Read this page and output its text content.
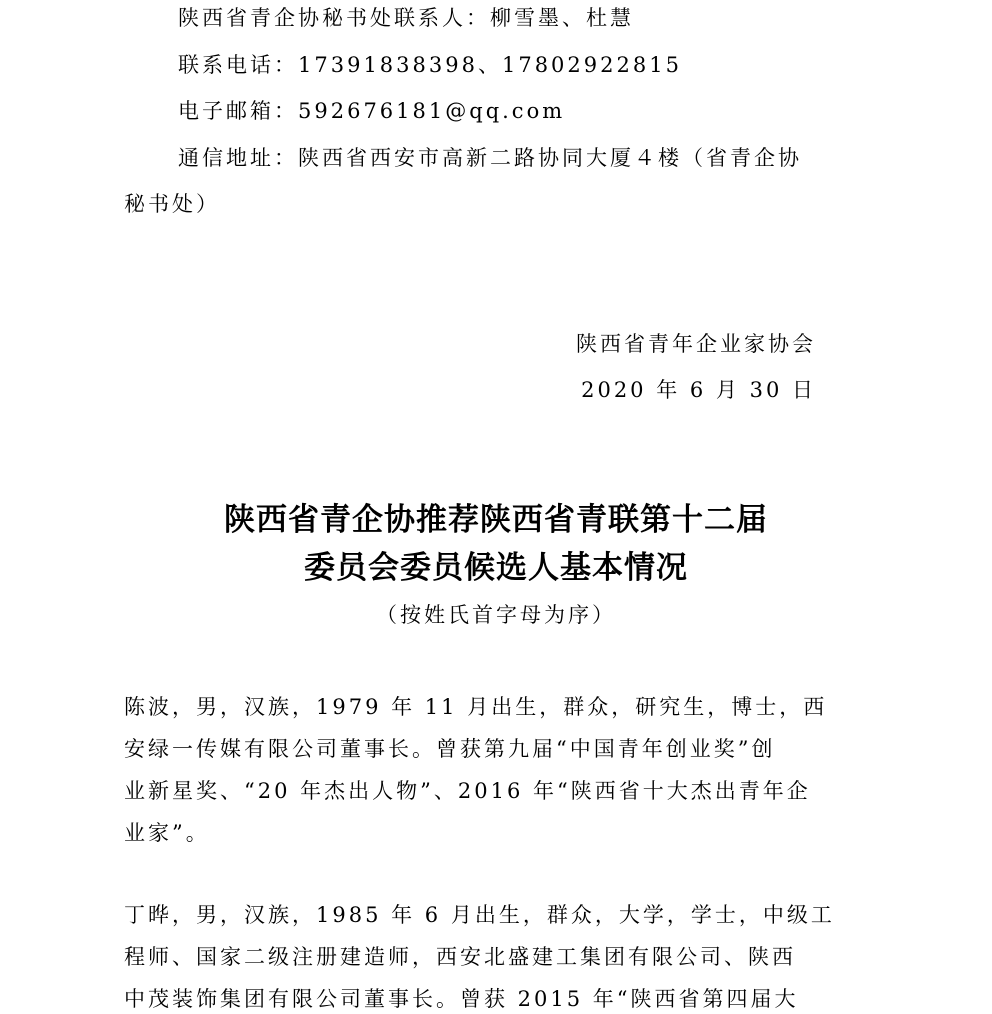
陕西省青企协秘书处联系人：柳雪墨、杜慧
联系电话：17391838398、17802922815
电子邮箱：592676181@qq.com
通信地址：陕西省西安市高新二路协同大厦４楼（省青企协
秘书处）
陕西省青年企业家协会
2020 年 6 月 30 日
陕西省青企协推荐陕西省青联第十二届
委员会委员候选人基本情况
（按姓氏首字母为序）
陈波，男，汉族，1979 年 11 月出生，群众，研究生，博士，西
安绿一传媒有限公司董事长。曾获第九届“中国青年创业奖”创
业新星奖、“20 年杰出人物”、2016 年“陕西省十大杰出青年企
业家”。
丁晔，男，汉族，1985 年 6 月出生，群众，大学，学士，中级工
程师、国家二级注册建造师，西安北盛建工集团有限公司、陕西
中茂装饰集团有限公司董事长。曾获 2015 年“陕西省第四届大
